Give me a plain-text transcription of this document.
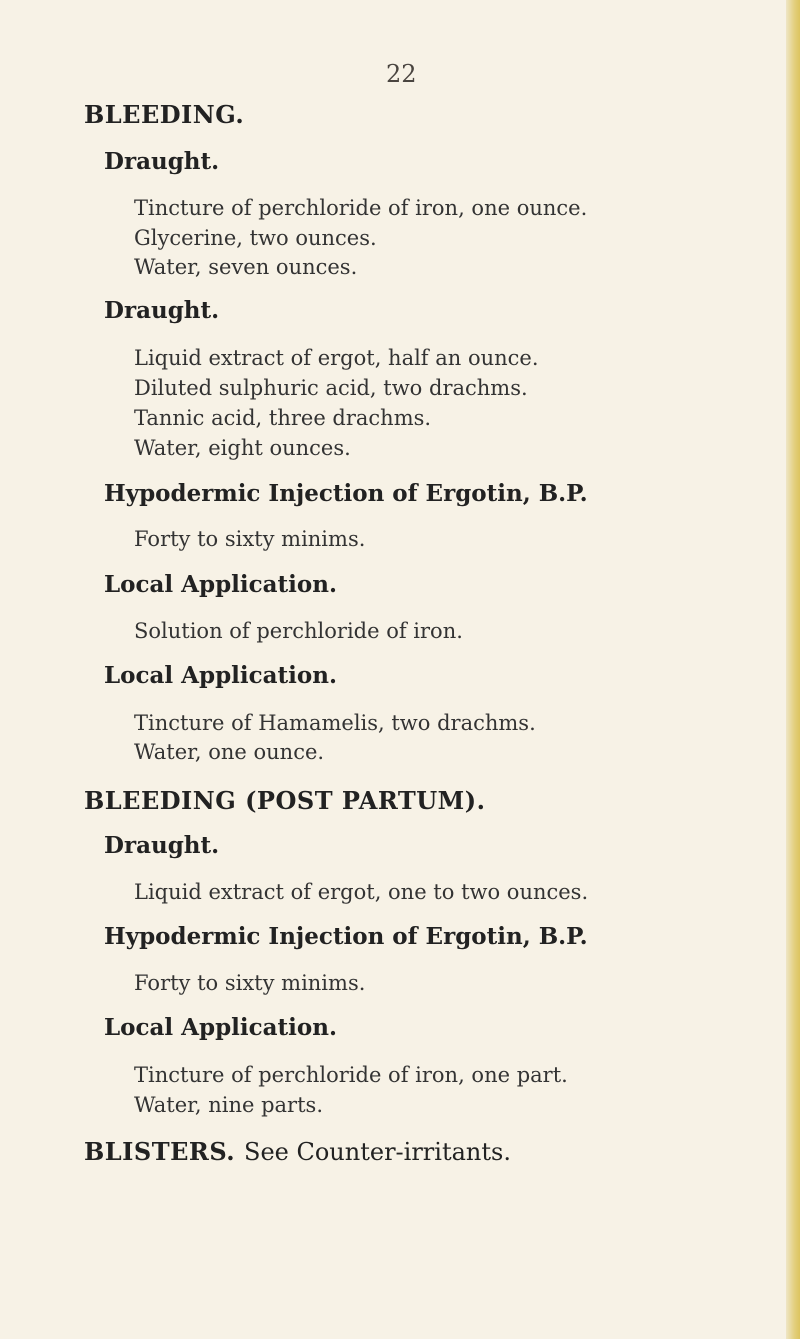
22
BLEEDING.
Draught.
Tincture of perchloride of iron, one ounce.
Glycerine, two ounces.
Water, seven ounces.
Draught.
Liquid extract of ergot, half an ounce.
Diluted sulphuric acid, two drachms.
Tannic acid, three drachms.
Water, eight ounces.
Hypodermic Injection of Ergotin, B.P.
Forty to sixty minims.
Local Application.
Solution of perchloride of iron.
Local Application.
Tincture of Hamamelis, two drachms.
Water, one ounce.
BLEEDING (POST PARTUM).
Draught.
Liquid extract of ergot, one to two ounces.
Hypodermic Injection of Ergotin, B.P.
Forty to sixty minims.
Local Application.
Tincture of perchloride of iron, one part.
Water, nine parts.
BLISTERS. See Counter-irritants.
